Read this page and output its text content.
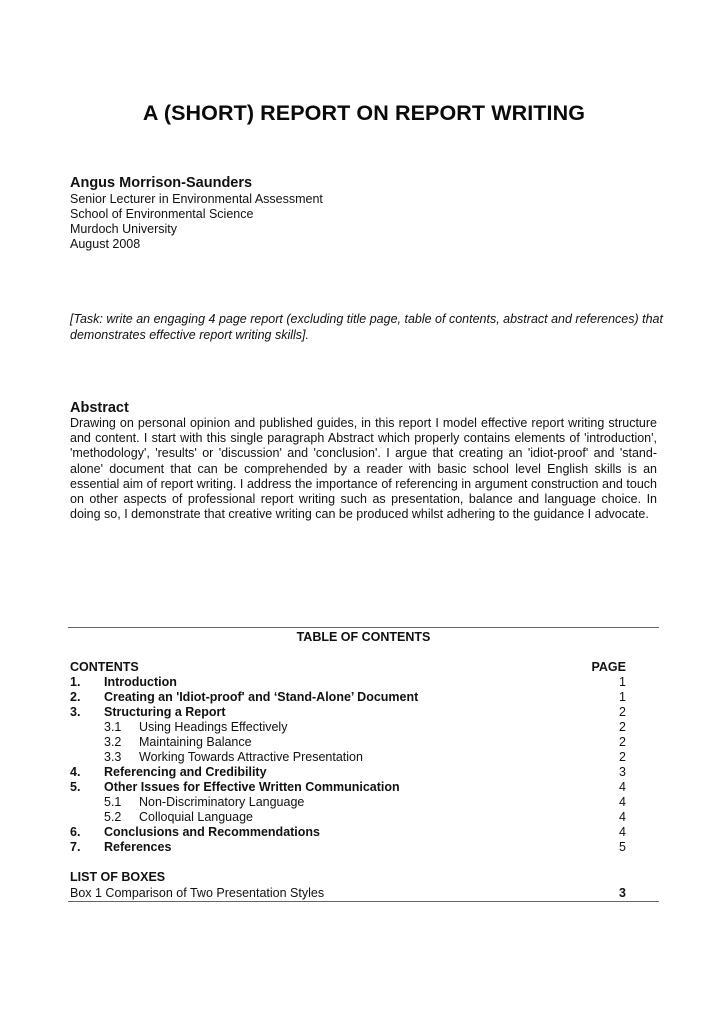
A (SHORT) REPORT ON REPORT WRITING
Angus Morrison-Saunders
Senior Lecturer in Environmental Assessment
School of Environmental Science
Murdoch University
August 2008
[Task: write an engaging 4 page report (excluding title page, table of contents, abstract and references) that demonstrates effective report writing skills].
Abstract
Drawing on personal opinion and published guides, in this report I model effective report writing structure and content. I start with this single paragraph Abstract which properly contains elements of 'introduction', 'methodology', 'results' or 'discussion' and 'conclusion'. I argue that creating an 'idiot-proof' and 'stand-alone' document that can be comprehended by a reader with basic school level English skills is an essential aim of report writing. I address the importance of referencing in argument construction and touch on other aspects of professional report writing such as presentation, balance and language choice. In doing so, I demonstrate that creative writing can be produced whilst adhering to the guidance I advocate.
TABLE OF CONTENTS
CONTENTS	PAGE
1. Introduction	1
2. Creating an 'Idiot-proof' and ‘Stand-Alone’ Document	1
3. Structuring a Report	2
3.1 Using Headings Effectively	2
3.2 Maintaining Balance	2
3.3 Working Towards Attractive Presentation	2
4. Referencing and Credibility	3
5. Other Issues for Effective Written Communication	4
5.1 Non-Discriminatory Language	4
5.2 Colloquial Language	4
6. Conclusions and Recommendations	4
7. References	5
LIST OF BOXES
Box 1 Comparison of Two Presentation Styles	3
